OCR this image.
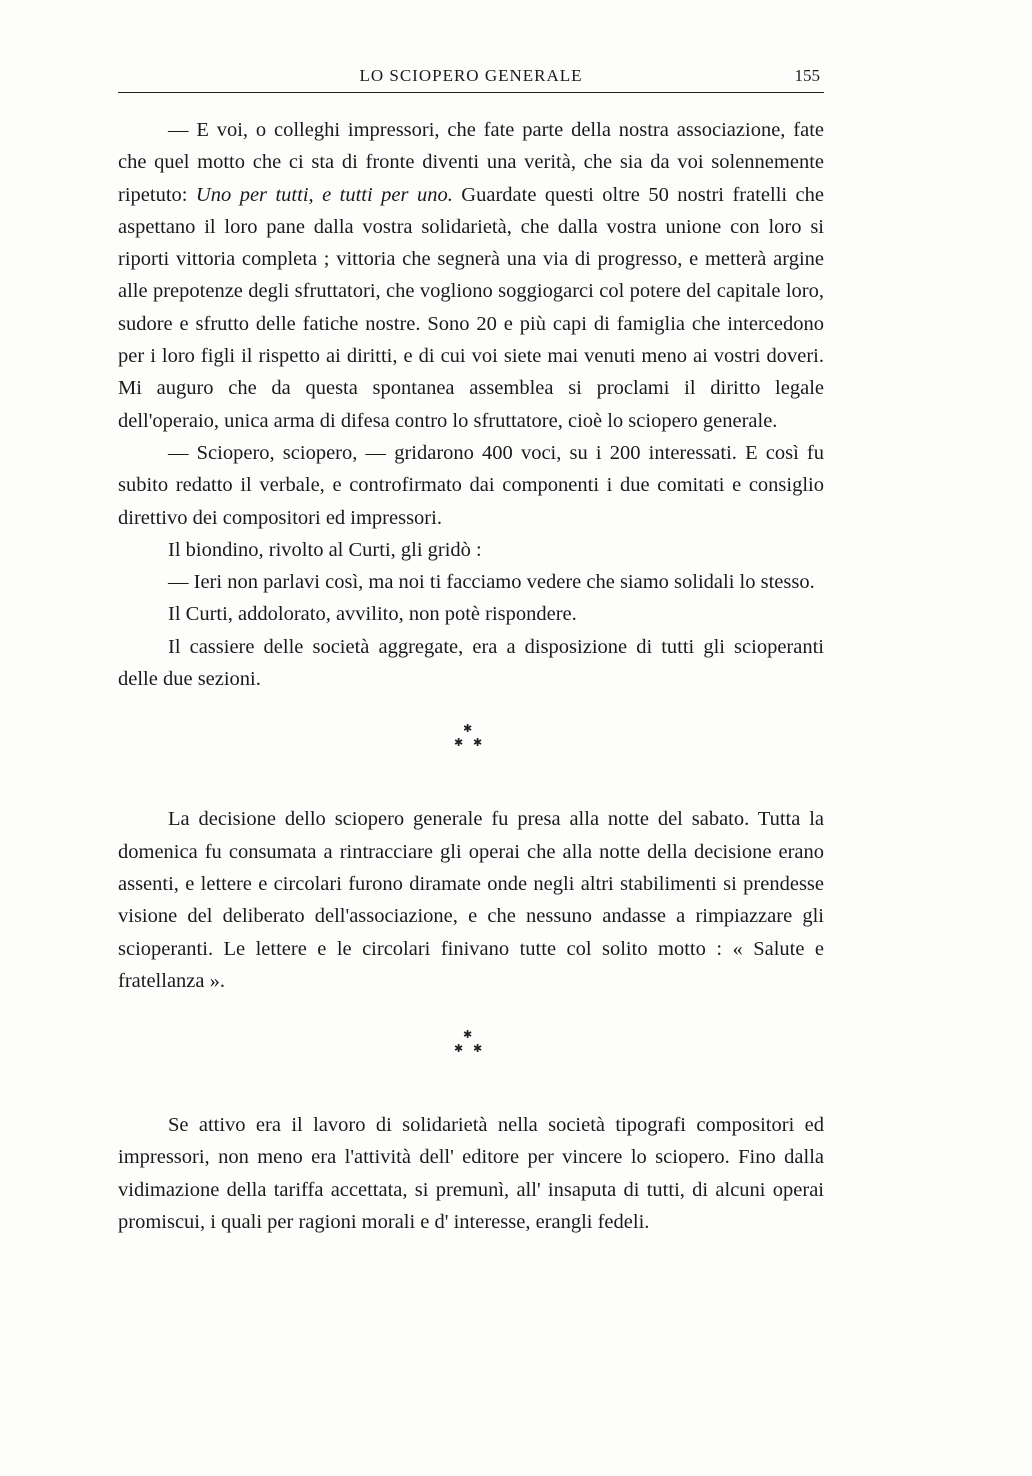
LO SCIOPERO GENERALE	155

— E voi, o colleghi impressori, che fate parte della nostra associazione, fate che quel motto che ci sta di fronte diventi una verità, che sia da voi solennemente ripetuto: Uno per tutti, e tutti per uno. Guardate questi oltre 50 nostri fratelli che aspettano il loro pane dalla vostra solidarietà, che dalla vostra unione con loro si riporti vittoria completa ; vittoria che segnerà una via di progresso, e metterà argine alle prepotenze degli sfruttatori, che vogliono soggiogarci col potere del capitale loro, sudore e sfrutto delle fatiche nostre. Sono 20 e più capi di famiglia che intercedono per i loro figli il rispetto ai diritti, e di cui voi siete mai venuti meno ai vostri doveri. Mi auguro che da questa spontanea assemblea si proclami il diritto legale dell'operaio, unica arma di difesa contro lo sfruttatore, cioè lo sciopero generale.

— Sciopero, sciopero, — gridarono 400 voci, su i 200 interessati. E così fu subito redatto il verbale, e controfirmato dai componenti i due comitati e consiglio direttivo dei compositori ed impressori.

Il biondino, rivolto al Curti, gli gridò :

— Ieri non parlavi così, ma noi ti facciamo vedere che siamo solidali lo stesso.

Il Curti, addolorato, avvilito, non potè rispondere.

Il cassiere delle società aggregate, era a disposizione di tutti gli scioperanti delle due sezioni.

✱
✱ ✱

La decisione dello sciopero generale fu presa alla notte del sabato. Tutta la domenica fu consumata a rintracciare gli operai che alla notte della decisione erano assenti, e lettere e circolari furono diramate onde negli altri stabilimenti si prendesse visione del deliberato dell'associazione, e che nessuno andasse a rimpiazzare gli scioperanti. Le lettere e le circolari finivano tutte col solito motto : « Salute e fratellanza ».

✱
✱ ✱

Se attivo era il lavoro di solidarietà nella società tipografi compositori ed impressori, non meno era l'attività dell' editore per vincere lo sciopero. Fino dalla vidimazione della tariffa accettata, si premunì, all' insaputa di tutti, di alcuni operai promiscui, i quali per ragioni morali e d' interesse, erangli fedeli.
